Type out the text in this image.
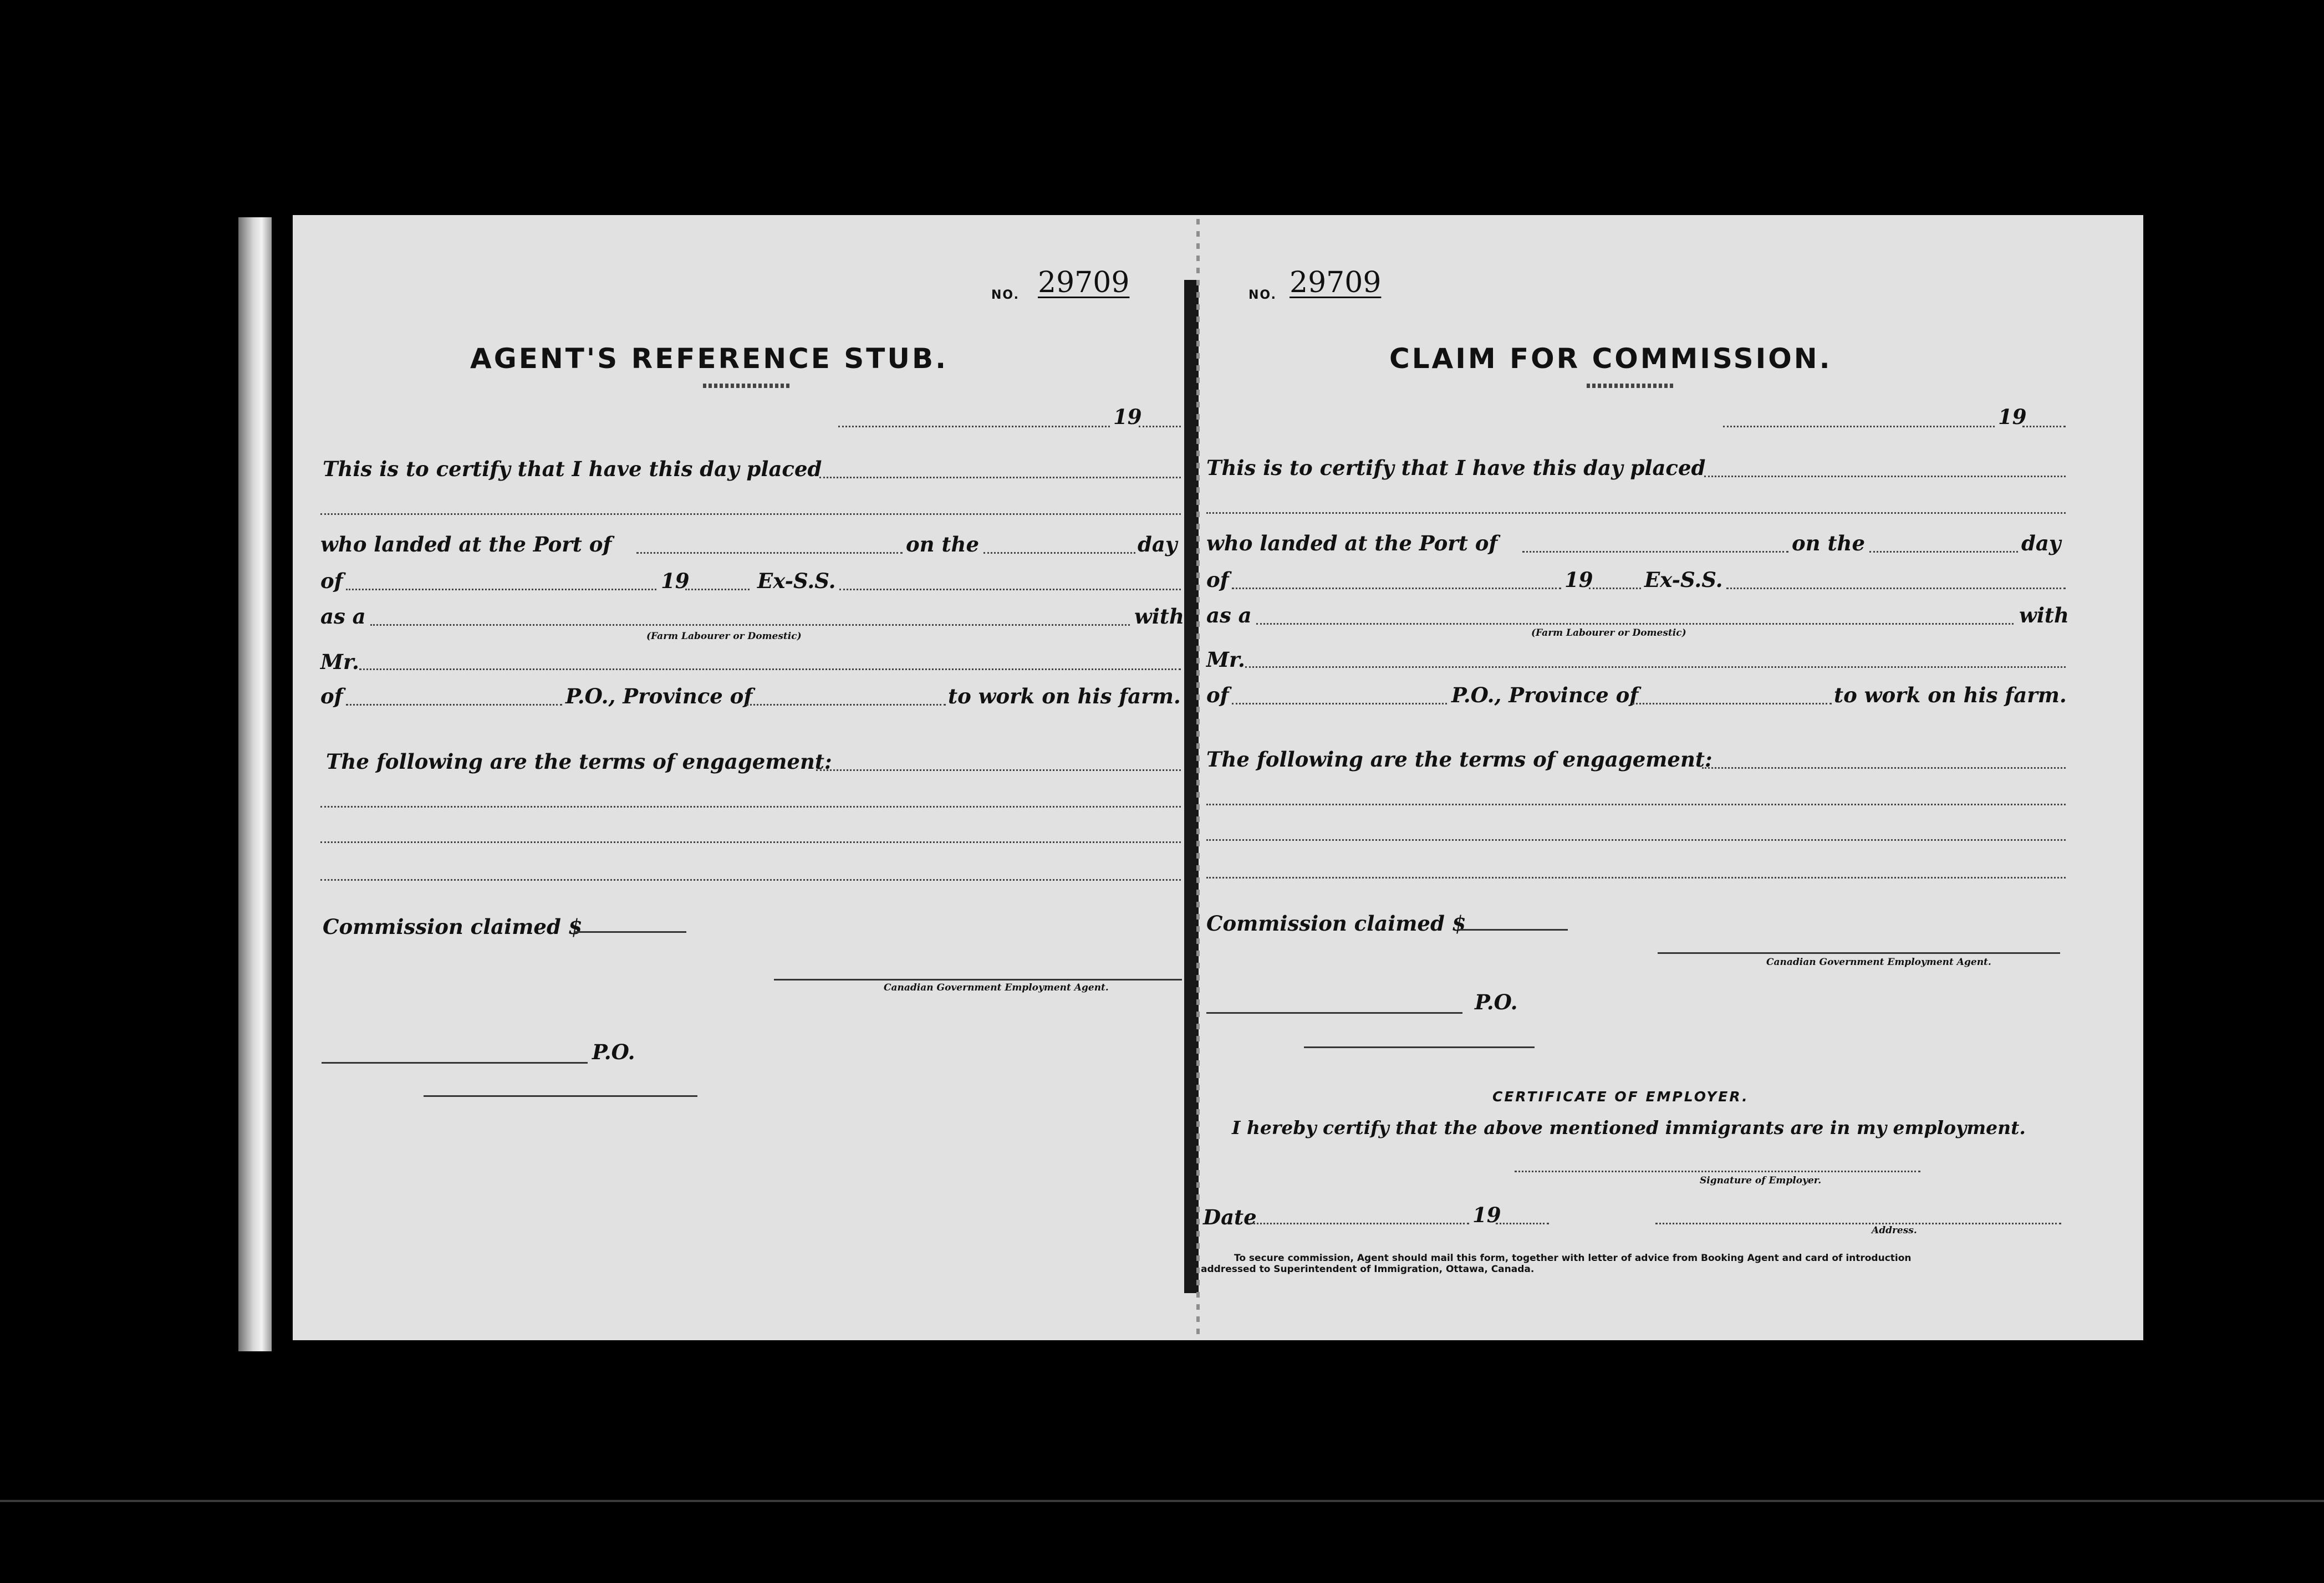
NO. 29709
AGENT'S REFERENCE STUB.
19
This is to certify that I have this day placed
who landed at the Port of	on the	day
of	19	Ex-S.S.
as a	with
(Farm Labourer or Domestic)
Mr.
of	P.O., Province of	to work on his farm.
The following are the terms of engagement:
Commission claimed $
Canadian Government Employment Agent.
P.O.
NO. 29709
CLAIM FOR COMMISSION.
19
This is to certify that I have this day placed
who landed at the Port of	on the	day
of	19	Ex-S.S.
as a	with
(Farm Labourer or Domestic)
Mr.
of	P.O., Province of	to work on his farm.
The following are the terms of engagement:
Commission claimed $
Canadian Government Employment Agent.
P.O.
CERTIFICATE OF EMPLOYER.
I hereby certify that the above mentioned immigrants are in my employment.
Signature of Employer.
Date	19
Address.
To secure commission, Agent should mail this form, together with letter of advice from Booking Agent and card of introduction
addressed to Superintendent of Immigration, Ottawa, Canada.
